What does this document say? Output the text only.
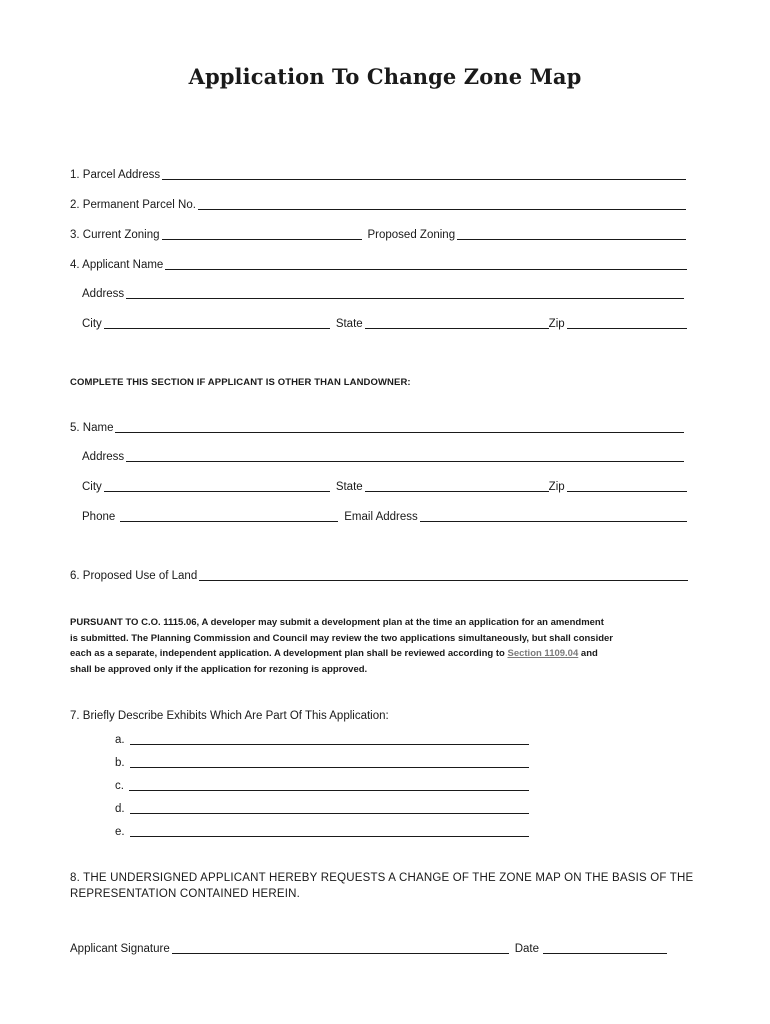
Application To Change Zone Map
1. Parcel Address
2. Permanent Parcel No.
3. Current Zoning	Proposed Zoning
4. Applicant Name
Address
City	State	Zip
COMPLETE THIS SECTION IF APPLICANT IS OTHER THAN LANDOWNER:
5. Name
Address
City	State	Zip
Phone	Email Address
6. Proposed Use of Land
PURSUANT TO C.O. 1115.06, A developer may submit a development plan at the time an application for an amendment
is submitted. The Planning Commission and Council may review the two applications simultaneously, but shall consider
each as a separate, independent application. A development plan shall be reviewed according to Section 1109.04 and
shall be approved only if the application for rezoning is approved.
7. Briefly Describe Exhibits Which Are Part Of This Application:
a.
b.
c.
d.
e.
8. THE UNDERSIGNED APPLICANT HEREBY REQUESTS A CHANGE OF THE ZONE MAP ON THE BASIS OF THE
REPRESENTATION CONTAINED HEREIN.
Applicant Signature	Date
